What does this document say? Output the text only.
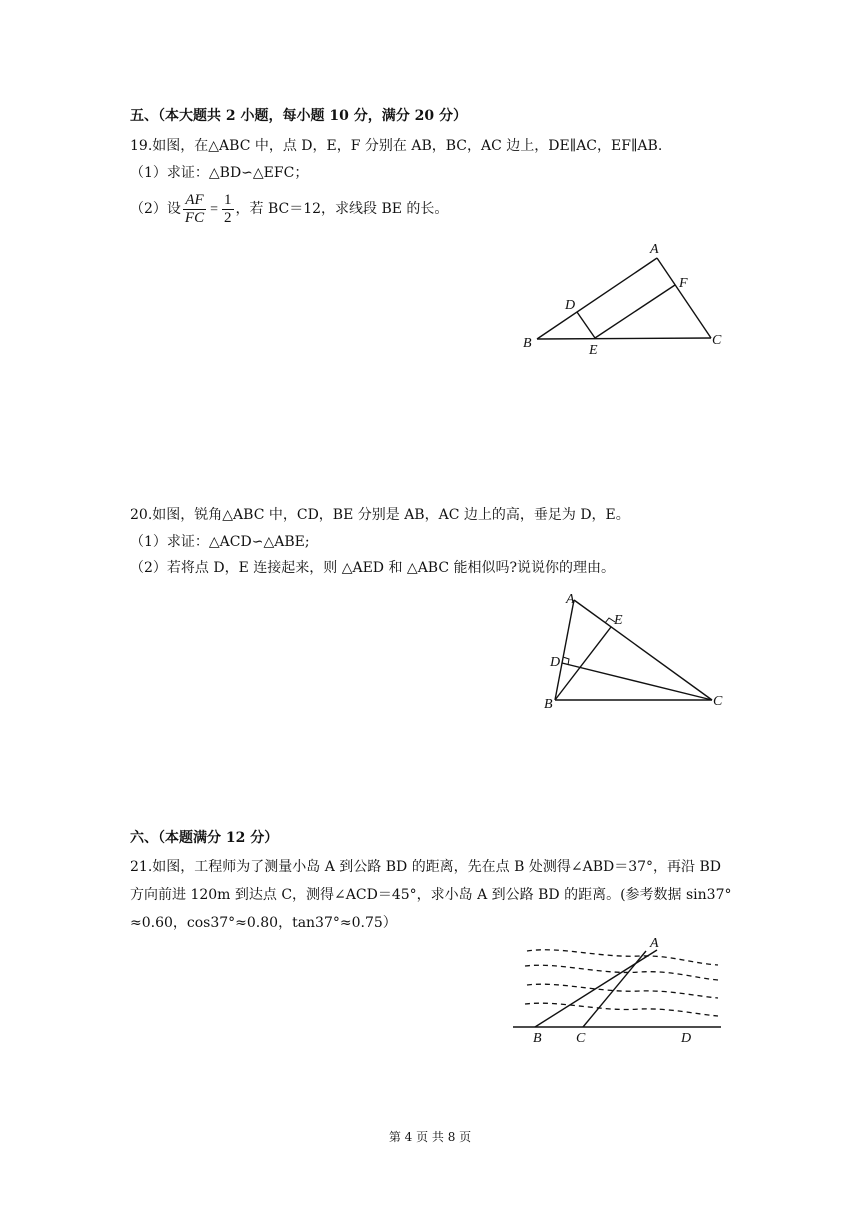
五、（本大题共 2 小题，每小题 10 分，满分 20 分）
19.如图，在△ABC 中，点 D，E，F 分别在 AB，BC，AC 边上，DE∥AC，EF∥AB.
（1）求证：△BD∽△EFC；
（2）设 $\frac{AF}{FC} = \frac{1}{2}$ ，若 BC＝12，求线段 BE 的长。
A
B	C
D
E
F
20.如图，锐角△ABC 中，CD，BE 分别是 AB，AC 边上的高，垂足为 D，E。
（1）求证：△ACD∽△ABE;
（2）若将点 D，E 连接起来，则 △AED 和 △ABC 能相似吗?说说你的理由。
A
B	C
D
E
六、（本题满分 12 分）
21.如图，工程师为了测量小岛 A 到公路 BD 的距离，先在点 B 处测得∠ABD＝37°，再沿 BD
方向前进 120m 到达点 C，测得∠ACD＝45°，求小岛 A 到公路 BD 的距离。(参考数据 sin37°
≈0.60，cos37°≈0.80，tan37°≈0.75）
A
B C	D
第 4 页 共 8 页
